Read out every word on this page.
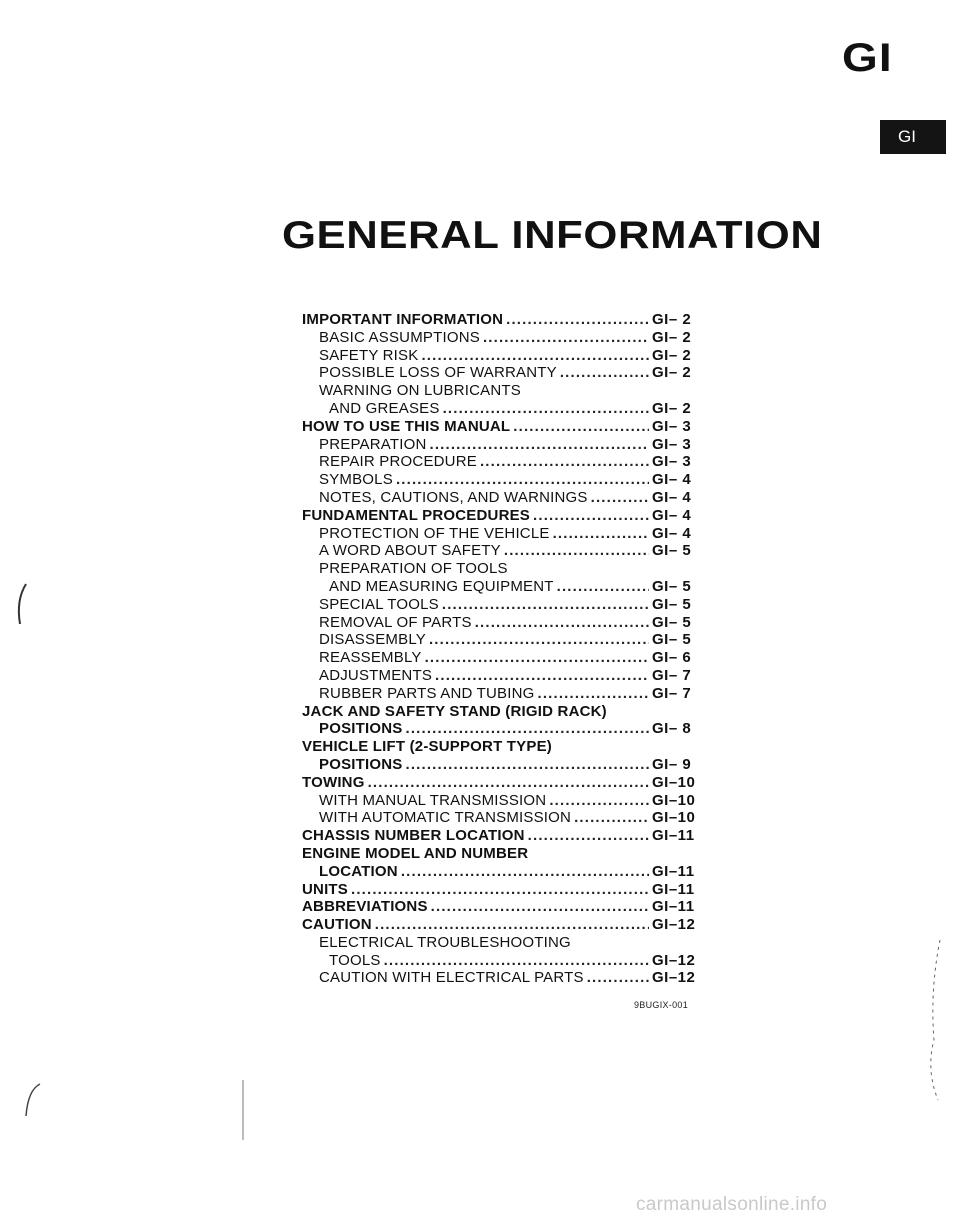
GI
GI
GENERAL INFORMATION
IMPORTANT INFORMATION . . .	GI– 2
BASIC ASSUMPTIONS . . .	GI– 2
SAFETY RISK . . .	GI– 2
POSSIBLE LOSS OF WARRANTY . . .	GI– 2
WARNING ON LUBRICANTS
AND GREASES . . .	GI– 2
HOW TO USE THIS MANUAL . . .	GI– 3
PREPARATION . . .	GI– 3
REPAIR PROCEDURE . . .	GI– 3
SYMBOLS . . .	GI– 4
NOTES, CAUTIONS, AND WARNINGS . . .	GI– 4
FUNDAMENTAL PROCEDURES . . .	GI– 4
PROTECTION OF THE VEHICLE . . .	GI– 4
A WORD ABOUT SAFETY . . .	GI– 5
PREPARATION OF TOOLS
AND MEASURING EQUIPMENT . . .	GI– 5
SPECIAL TOOLS . . .	GI– 5
REMOVAL OF PARTS . . .	GI– 5
DISASSEMBLY . . .	GI– 5
REASSEMBLY . . .	GI– 6
ADJUSTMENTS . . .	GI– 7
RUBBER PARTS AND TUBING . . .	GI– 7
JACK AND SAFETY STAND (RIGID RACK)
POSITIONS . . .	GI– 8
VEHICLE LIFT (2-SUPPORT TYPE)
POSITIONS . . .	GI– 9
TOWING . . .	GI–10
WITH MANUAL TRANSMISSION . . .	GI–10
WITH AUTOMATIC TRANSMISSION . . .	GI–10
CHASSIS NUMBER LOCATION . . .	GI–11
ENGINE MODEL AND NUMBER
LOCATION . . .	GI–11
UNITS . . .	GI–11
ABBREVIATIONS . . .	GI–11
CAUTION . . .	GI–12
ELECTRICAL TROUBLESHOOTING
TOOLS . . .	GI–12
CAUTION WITH ELECTRICAL PARTS . . .	GI–12
9BUGIX-001
carmanualsonline.info
